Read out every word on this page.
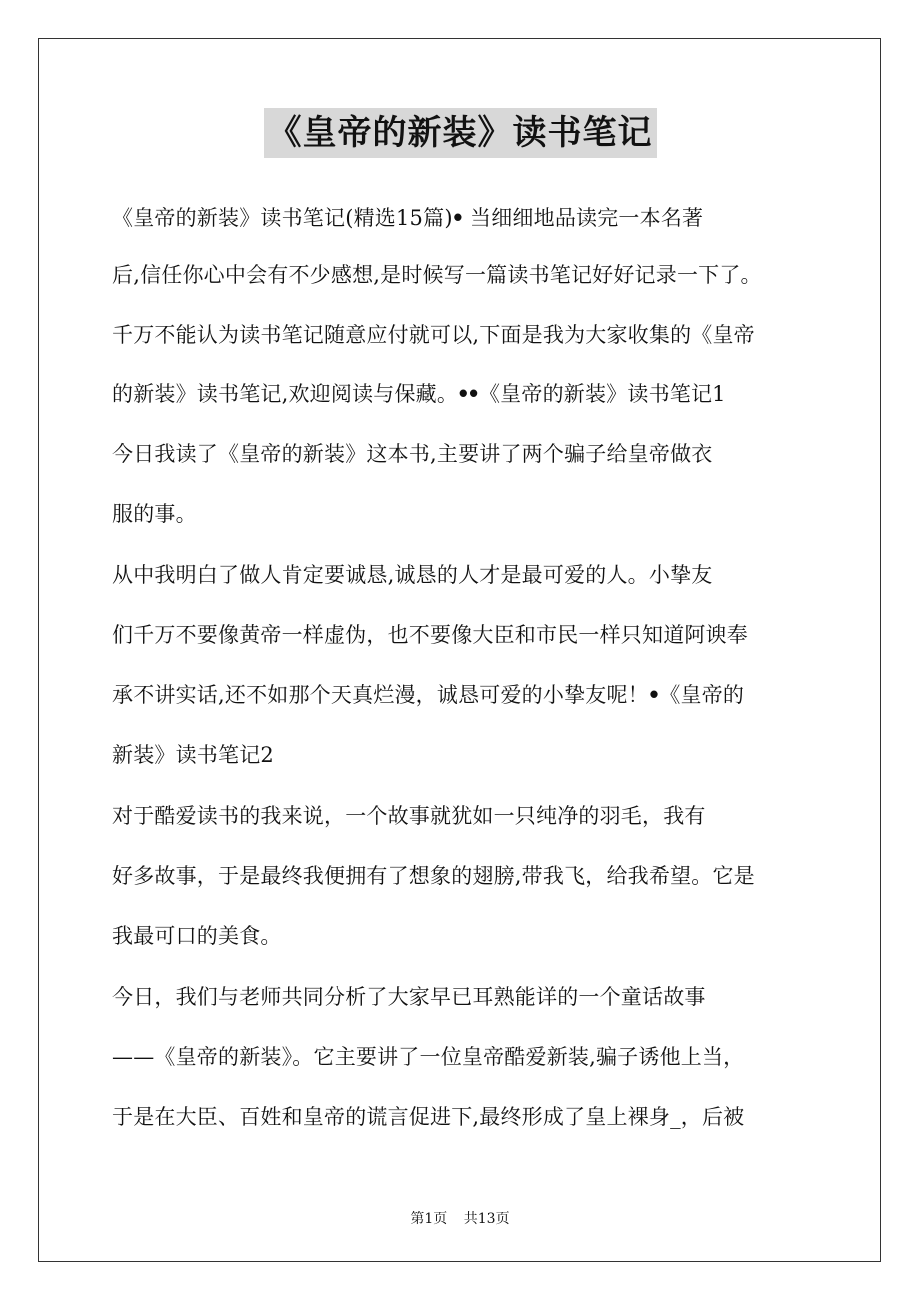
《皇帝的新装》读书笔记
《皇帝的新装》读书笔记(精选15篇)ꔷ 当细细地品读完一本名著
后,信任你心中会有不少感想,是时候写一篇读书笔记好好记录一下了。
千万不能认为读书笔记随意应付就可以,下面是我为大家收集的《皇帝
的新装》读书笔记,欢迎阅读与保藏。ꔷꔷ《皇帝的新装》读书笔记1
今日我读了《皇帝的新装》这本书,主要讲了两个骗子给皇帝做衣
服的事。
从中我明白了做人肯定要诚恳,诚恳的人才是最可爱的人。小挚友
们千万不要像黄帝一样虚伪，也不要像大臣和市民一样只知道阿谀奉
承不讲实话,还不如那个天真烂漫，诚恳可爱的小挚友呢！ꔷ《皇帝的
新装》读书笔记2
对于酷爱读书的我来说，一个故事就犹如一只纯净的羽毛，我有
好多故事，于是最终我便拥有了想象的翅膀,带我飞，给我希望。它是
我最可口的美食。
今日，我们与老师共同分析了大家早已耳熟能详的一个童话故事
——《皇帝的新装》。它主要讲了一位皇帝酷爱新装,骗子诱他上当，
于是在大臣、百姓和皇帝的谎言促进下,最终形成了皇上裸身_，后被
第1页 共13页
